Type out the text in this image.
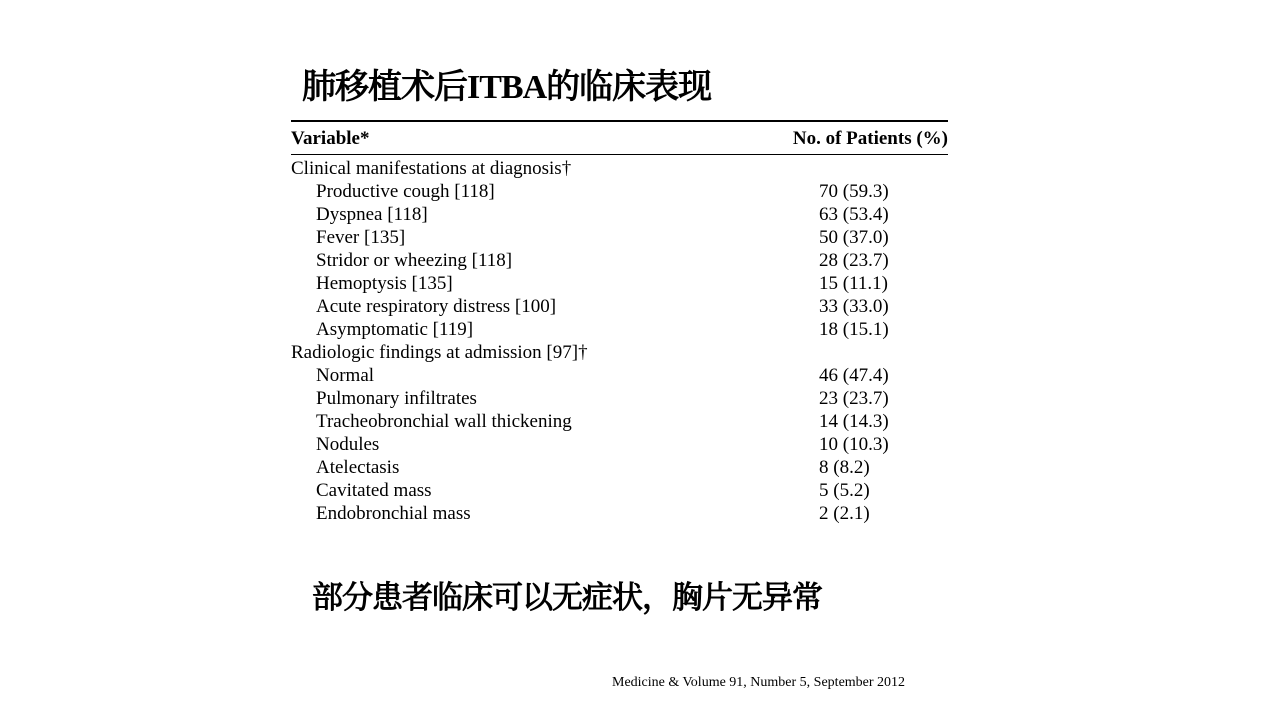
肺移植术后ITBA的临床表现
Variable*	No. of Patients (%)
Clinical manifestations at diagnosis†
Productive cough [118]	70 (59.3)
Dyspnea [118]	63 (53.4)
Fever [135]	50 (37.0)
Stridor or wheezing [118]	28 (23.7)
Hemoptysis [135]	15 (11.1)
Acute respiratory distress [100]	33 (33.0)
Asymptomatic [119]	18 (15.1)
Radiologic findings at admission [97]†
Normal	46 (47.4)
Pulmonary infiltrates	23 (23.7)
Tracheobronchial wall thickening	14 (14.3)
Nodules	10 (10.3)
Atelectasis	8 (8.2)
Cavitated mass	5 (5.2)
Endobronchial mass	2 (2.1)
部分患者临床可以无症状，胸片无异常
Medicine & Volume 91, Number 5, September 2012
